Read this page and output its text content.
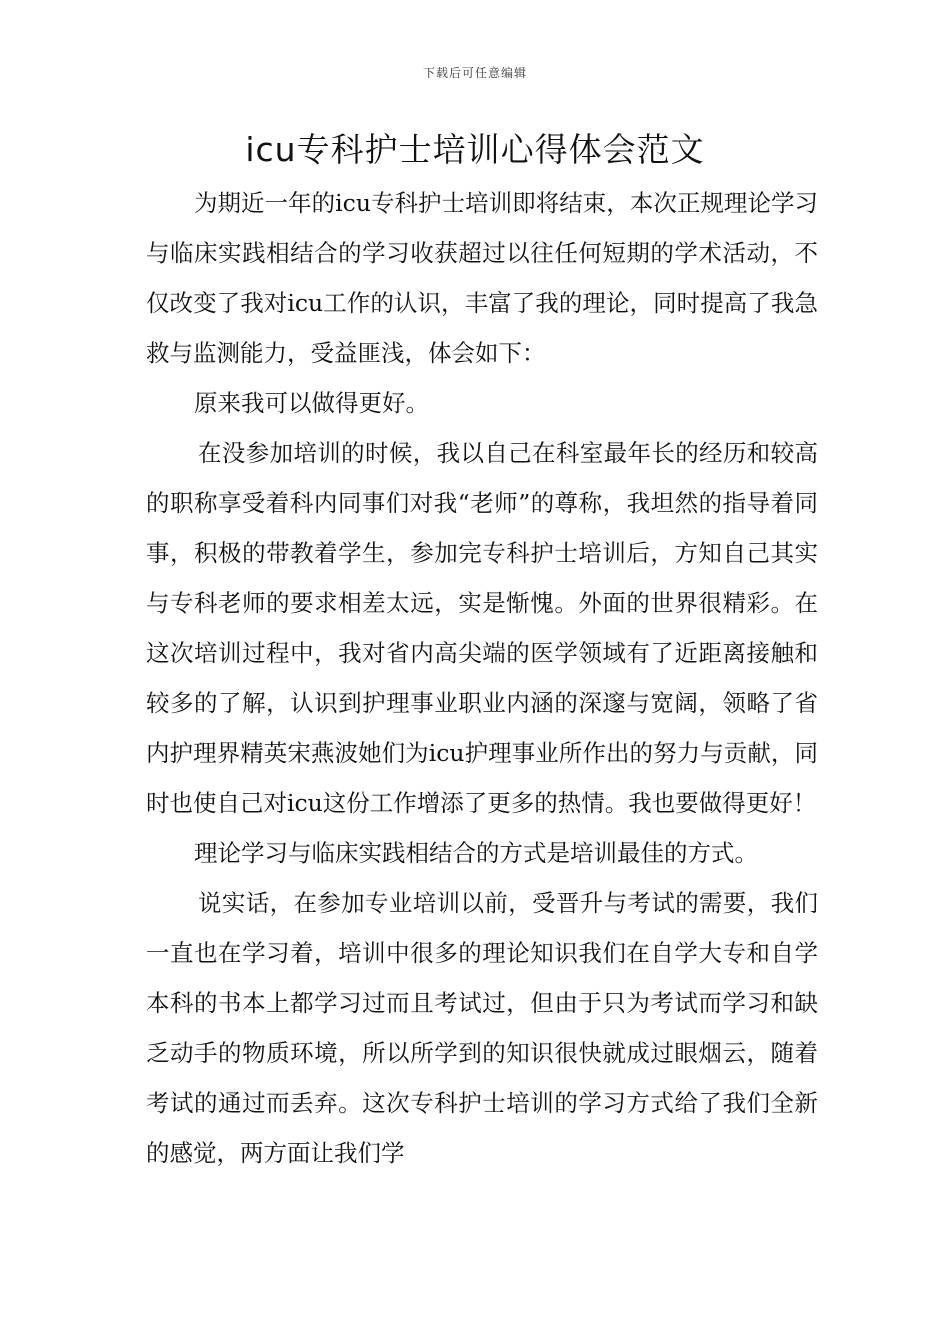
下载后可任意编辑
icu专科护士培训心得体会范文

为期近一年的icu专科护士培训即将结束，本次正规理论学习与临床实践相结合的学习收获超过以往任何短期的学术活动，不仅改变了我对icu工作的认识，丰富了我的理论，同时提高了我急救与监测能力，受益匪浅，体会如下：

原来我可以做得更好。

在没参加培训的时候，我以自己在科室最年长的经历和较高的职称享受着科内同事们对我“老师”的尊称，我坦然的指导着同事，积极的带教着学生，参加完专科护士培训后，方知自己其实与专科老师的要求相差太远，实是惭愧。外面的世界很精彩。在这次培训过程中，我对省内高尖端的医学领域有了近距离接触和较多的了解，认识到护理事业职业内涵的深邃与宽阔，领略了省内护理界精英宋燕波她们为icu护理事业所作出的努力与贡献，同时也使自己对icu这份工作增添了更多的热情。我也要做得更好！

理论学习与临床实践相结合的方式是培训最佳的方式。

说实话，在参加专业培训以前，受晋升与考试的需要，我们一直也在学习着，培训中很多的理论知识我们在自学大专和自学本科的书本上都学习过而且考试过，但由于只为考试而学习和缺乏动手的物质环境，所以所学到的知识很快就成过眼烟云，随着考试的通过而丢弃。这次专科护士培训的学习方式给了我们全新的感觉，两方面让我们学
